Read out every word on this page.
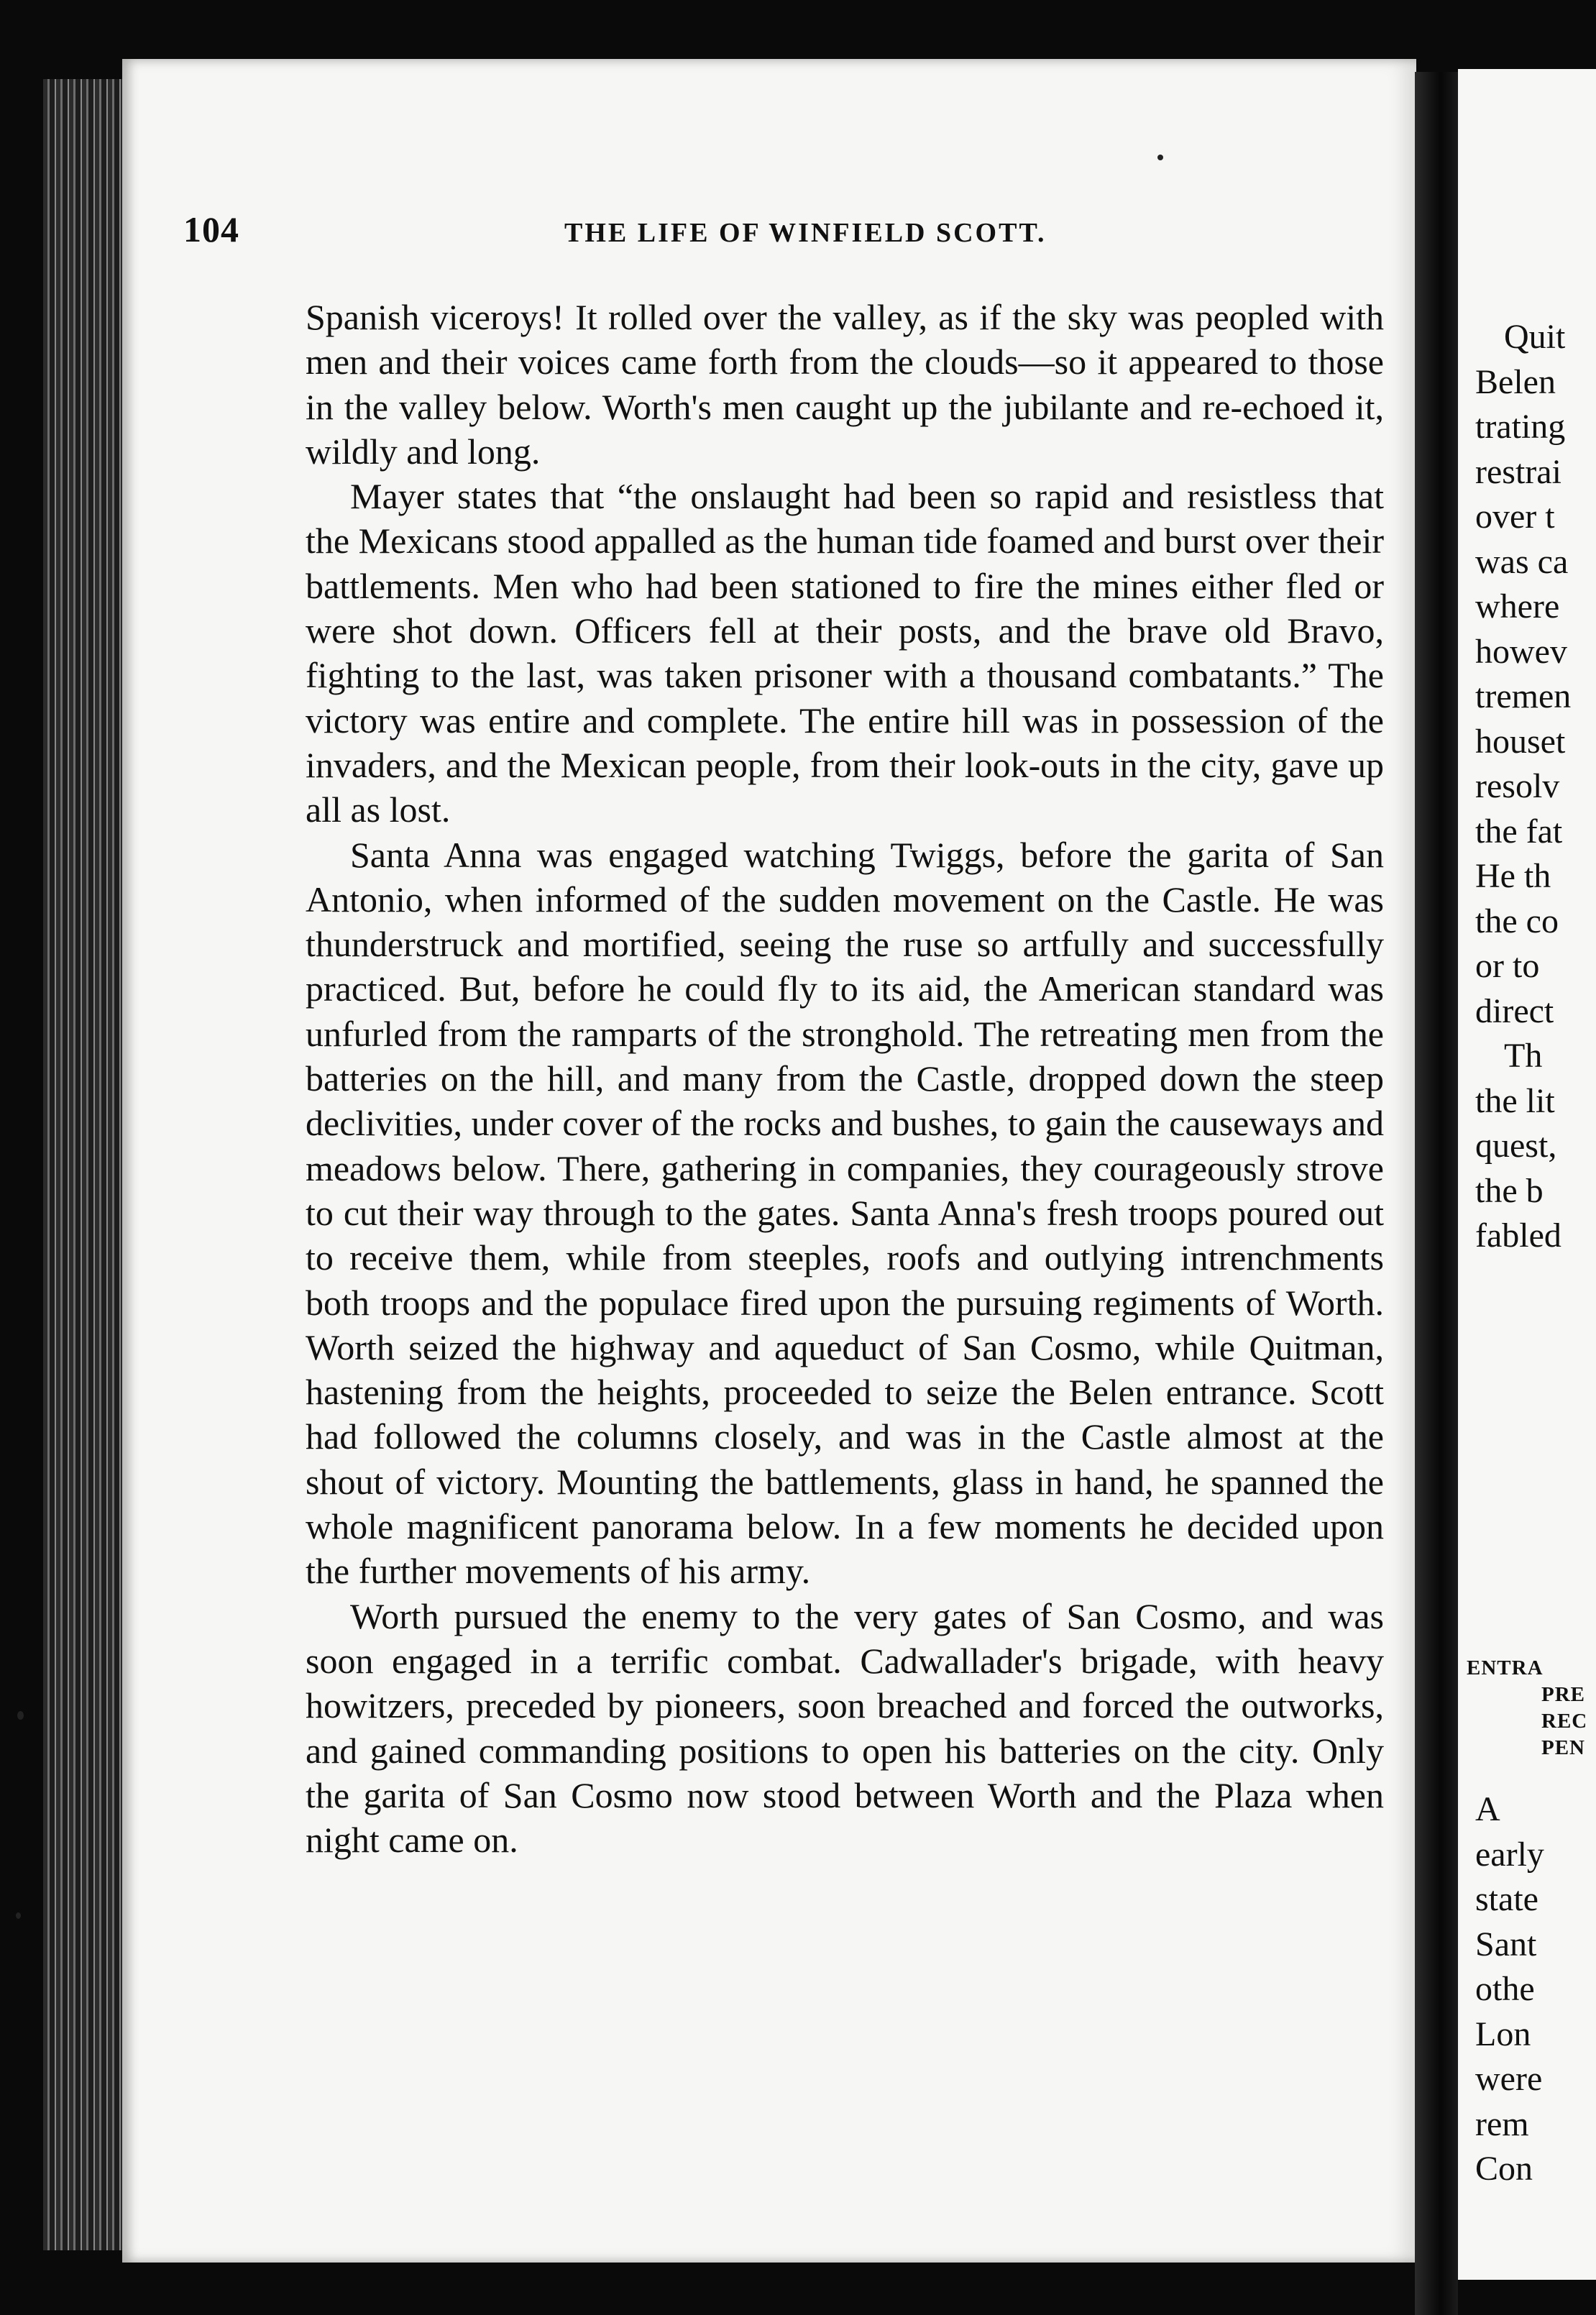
104	THE LIFE OF WINFIELD SCOTT.

Spanish viceroys! It rolled over the valley, as if the sky was peopled with men and their voices came forth from the clouds—so it appeared to those in the valley below. Worth's men caught up the jubilante and re-echoed it, wildly and long.

Mayer states that “the onslaught had been so rapid and resistless that the Mexicans stood appalled as the human tide foamed and burst over their battlements. Men who had been stationed to fire the mines either fled or were shot down. Officers fell at their posts, and the brave old Bravo, fighting to the last, was taken prisoner with a thousand combatants.” The victory was entire and complete. The entire hill was in possession of the invaders, and the Mexican people, from their look-outs in the city, gave up all as lost.

Santa Anna was engaged watching Twiggs, before the garita of San Antonio, when informed of the sudden movement on the Castle. He was thunderstruck and mortified, seeing the ruse so artfully and successfully practiced. But, before he could fly to its aid, the American standard was unfurled from the ramparts of the stronghold. The retreating men from the batteries on the hill, and many from the Castle, dropped down the steep declivities, under cover of the rocks and bushes, to gain the causeways and meadows below. There, gathering in companies, they courageously strove to cut their way through to the gates. Santa Anna's fresh troops poured out to receive them, while from steeples, roofs and outlying intrenchments both troops and the populace fired upon the pursuing regiments of Worth. Worth seized the highway and aqueduct of San Cosmo, while Quitman, hastening from the heights, proceeded to seize the Belen entrance. Scott had followed the columns closely, and was in the Castle almost at the shout of victory. Mounting the battlements, glass in hand, he spanned the whole magnificent panorama below. In a few moments he decided upon the further movements of his army.

Worth pursued the enemy to the very gates of San Cosmo, and was soon engaged in a terrific combat. Cadwallader's brigade, with heavy howitzers, preceded by pioneers, soon breached and forced the outworks, and gained commanding positions to open his batteries on the city. Only the garita of San Cosmo now stood between Worth and the Plaza when night came on.

Quit
Belen
trating
restrai
over t
was ca
where
howev
tremen
houset
resolv
the fat
He th
the co
or to
direct
Th
the lit
quest,
the b
fabled
ENTRA
PRE
REC
PEN
A
early
state
Sant
othe
Lon
were
rem
Con
